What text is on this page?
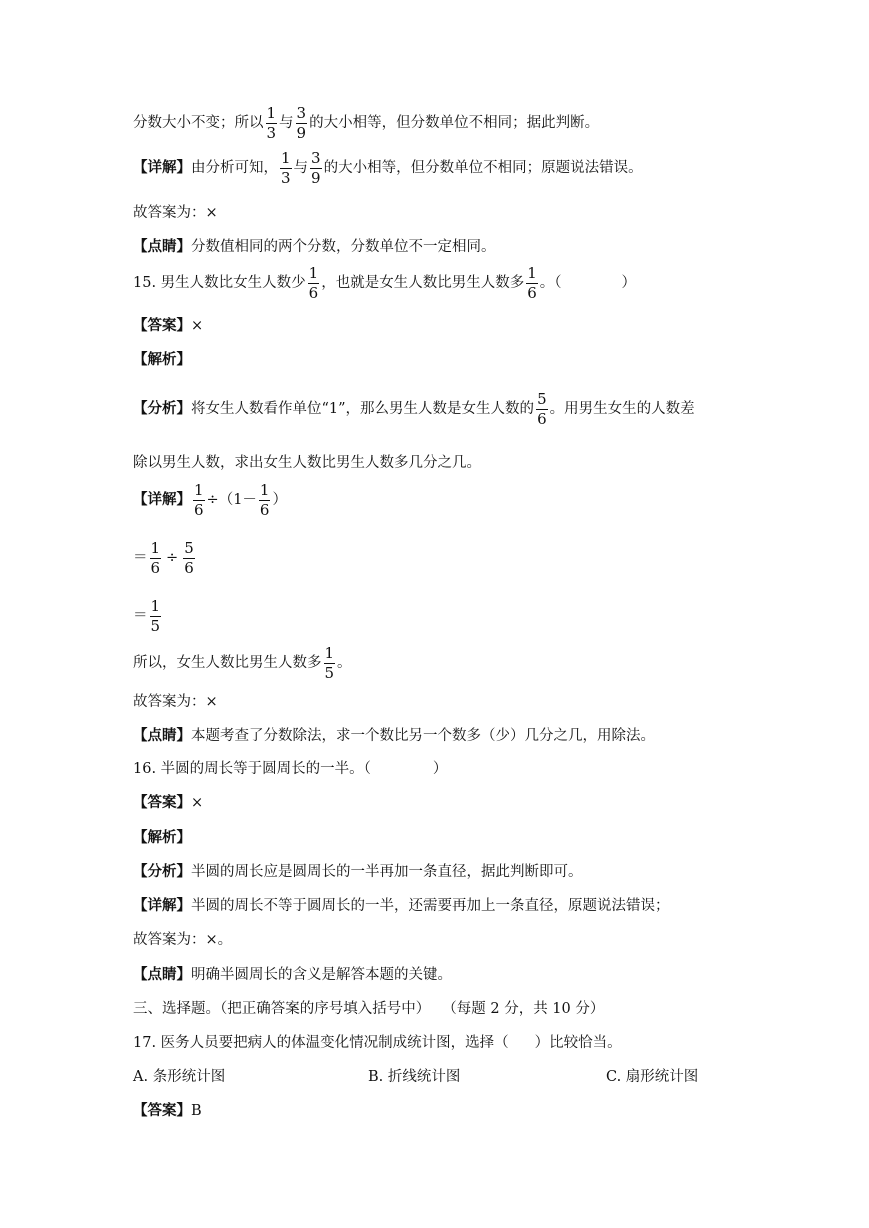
分数大小不变；所以 $\frac{1}{3}$ 与 $\frac{3}{9}$ 的大小相等，但分数单位不相同；据此判断。
【详解】 由分析可知， $\frac{1}{3}$ 与 $\frac{3}{9}$ 的大小相等，但分数单位不相同；原题说法错误。
故答案为：×
【点睛】 分数值相同的两个分数，分数单位不一定相同。
15. 男生人数比女生人数少 $\frac{1}{6}$ ，也就是女生人数比男生人数多 $\frac{1}{6}$ 。（	）
【答案】 ×
【解析】
【分析】 将女生人数看作单位“1”，那么男生人数是女生人数的 $\frac{5}{6}$ 。用男生女生的人数差
除以男生人数，求出女生人数比男生人数多几分之几。
【详解】 $\frac{1}{6} \div(1- \frac{1}{6}$ ）
＝ $\frac{1}{6} \div \frac{5}{6}$
＝ $\frac{1}{5}$
所以，女生人数比男生人数多 $\frac{1}{5}$ 。
故答案为：×
【点睛】 本题考查了分数除法，求一个数比另一个数多（少）几分之几，用除法。
16. 半圆的周长等于圆周长的一半。（	）
【答案】 ×
【解析】
【分析】 半圆的周长应是圆周长的一半再加一条直径，据此判断即可。
【详解】 半圆的周长不等于圆周长的一半，还需要再加上一条直径，原题说法错误；
故答案为：×。
【点睛】 明确半圆周长的含义是解答本题的关键。
三、选择题。（把正确答案的序号填入括号中） （每题 2 分，共 10 分）
17. 医务人员要把病人的体温变化情况制成统计图，选择（ ）比较恰当。
A. 条形统计图	B. 折线统计图	C. 扇形统计图
【答案】 B
